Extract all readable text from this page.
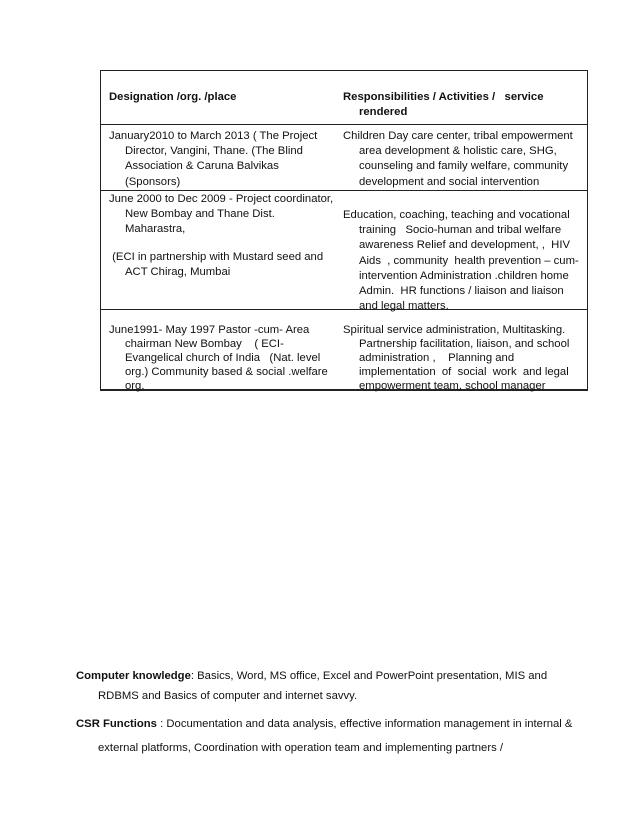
Designation /org. /place	Responsibilities / Activities /   service rendered

January2010 to March 2013 ( The Project Director, Vangini, Thane. (The Blind Association & Caruna Balvikas (Sponsors)

Children Day care center, tribal empowerment area development & holistic care, SHG, counseling and family welfare, community development and social intervention

June 2000 to Dec 2009 - Project coordinator, New Bombay and Thane Dist. Maharastra,

(ECI in partnership with Mustard seed and ACT Chirag, Mumbai

Education, coaching, teaching and vocational training   Socio-human and tribal welfare awareness Relief and development, ,  HIV Aids  , community  health prevention – cum-intervention Administration .children home Admin.  HR functions / liaison and liaison and legal matters.

June1991- May 1997 Pastor -cum- Area chairman New Bombay    ( ECI- Evangelical church of India   (Nat. level org.) Community based & social .welfare org.

Spiritual service administration, Multitasking. Partnership facilitation, liaison, and school administration ,    Planning and implementation  of  social  work  and legal empowerment team, school manager

Computer knowledge: Basics, Word, MS office, Excel and PowerPoint presentation, MIS and RDBMS and Basics of computer and internet savvy.

CSR Functions : Documentation and data analysis, effective information management in internal & external platforms, Coordination with operation team and implementing partners /
